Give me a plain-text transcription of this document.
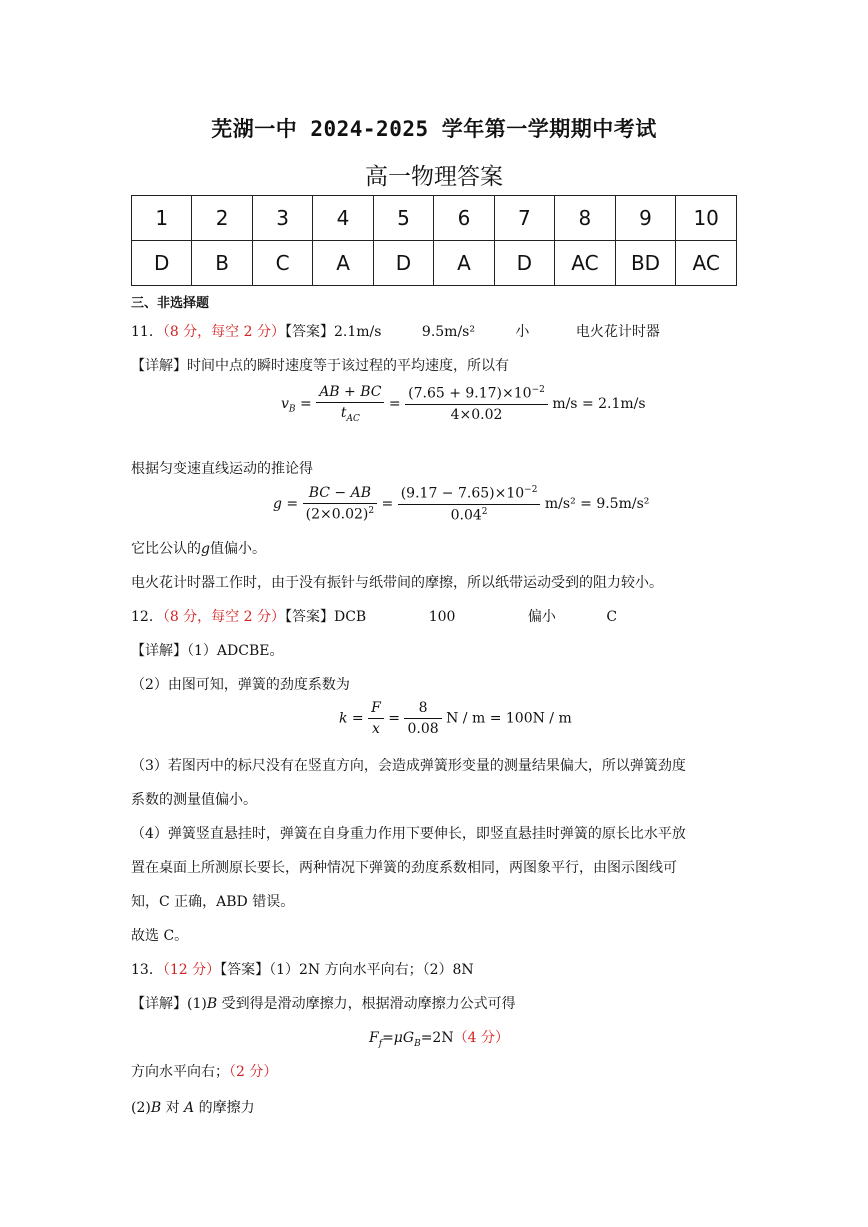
芜湖一中 2024-2025 学年第一学期期中考试
高一物理答案
1	2	3	4	5	6	7	8	9	10
D	B	C	A	D	A	D	AC	BD	AC
三、非选择题
11．（8 分，每空 2 分）【答案】2.1m/s	9.5m/s²	小	电火花计时器
【详解】时间中点的瞬时速度等于该过程的平均速度，所以有
$v_B = \frac{AB + BC}{t_{AC}} = \frac{(7.65 + 9.17)\times 10^{-2}}{4\times 0.02} m/s = 2.1m/s$
根据匀变速直线运动的推论得
$g = \frac{BC - AB}{(2\times 0.02)^2} = \frac{(9.17 - 7.65)\times 10^{-2}}{0.04^2} m/s^2 = 9.5m/s^2$
它比公认的g值偏小。
电火花计时器工作时，由于没有振针与纸带间的摩擦，所以纸带运动受到的阻力较小。
12．（8 分，每空 2 分）【答案】DCB	100	偏小	C
【详解】（1）ADCBE。
（2）由图可知，弹簧的劲度系数为
$k = \frac{F}{x} = \frac{8}{0.08}$ N / m = 100N / m
（3）若图丙中的标尺没有在竖直方向，会造成弹簧形变量的测量结果偏大，所以弹簧劲度
系数的测量值偏小。
（4）弹簧竖直悬挂时，弹簧在自身重力作用下要伸长，即竖直悬挂时弹簧的原长比水平放
置在桌面上所测原长要长，两种情况下弹簧的劲度系数相同，两图象平行，由图示图线可
知，C 正确，ABD 错误。
故选 C。
13．（12 分）【答案】（1）2N 方向水平向右；（2）8N
【详解】(1)B 受到得是滑动摩擦力，根据滑动摩擦力公式可得
$F_f=\mu G_B=2N(4$ 分）
方向水平向右；（2 分）
(2)B 对 A 的摩擦力
